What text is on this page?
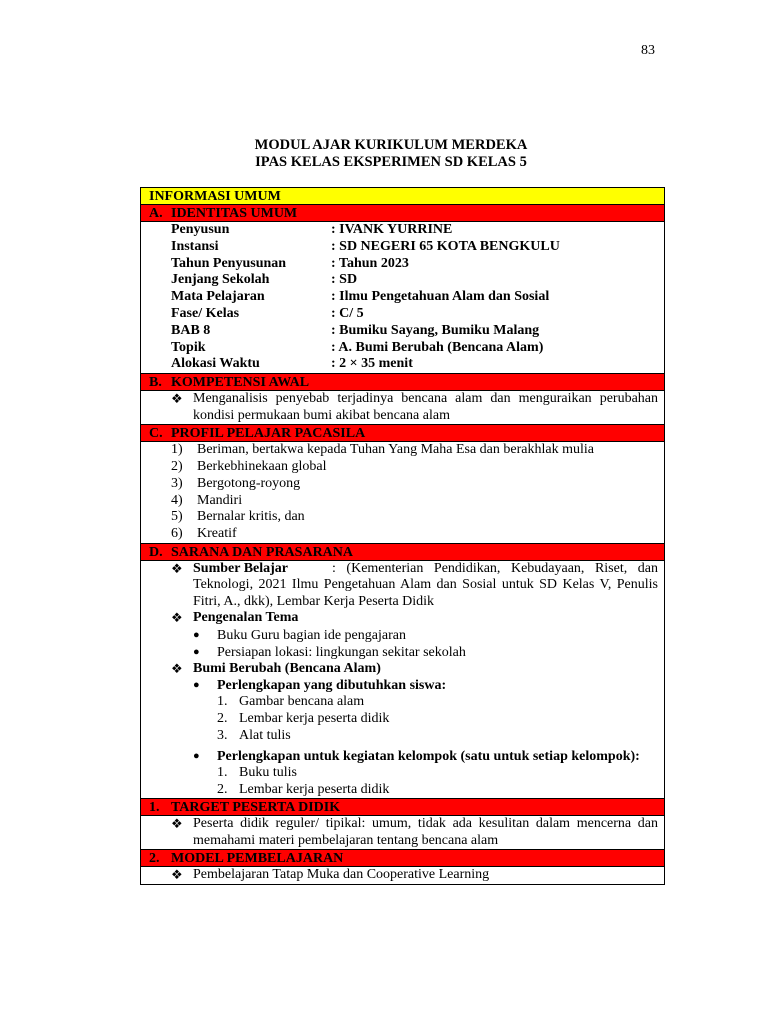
83
MODUL AJAR KURIKULUM MERDEKA
IPAS KELAS EKSPERIMEN SD KELAS 5
INFORMASI UMUM
A. IDENTITAS UMUM
Penyusun	: IVANK YURRINE
Instansi	: SD NEGERI 65 KOTA BENGKULU
Tahun Penyusunan	: Tahun 2023
Jenjang Sekolah	: SD
Mata Pelajaran	: Ilmu Pengetahuan Alam dan Sosial
Fase/ Kelas	: C/ 5
BAB 8	: Bumiku Sayang, Bumiku Malang
Topik	: A. Bumi Berubah (Bencana Alam)
Alokasi Waktu	: 2 × 35 menit
B. KOMPETENSI AWAL
❖ Menganalisis penyebab terjadinya bencana alam dan menguraikan perubahan kondisi permukaan bumi akibat bencana alam
C. PROFIL PELAJAR PACASILA
1)	Beriman, bertakwa kepada Tuhan Yang Maha Esa dan berakhlak mulia
2)	Berkebhinekaan global
3)	Bergotong-royong
4)	Mandiri
5)	Bernalar kritis, dan
6)	Kreatif
D. SARANA DAN PRASARANA
❖ Sumber Belajar	: (Kementerian Pendidikan, Kebudayaan, Riset, dan Teknologi, 2021 Ilmu Pengetahuan Alam dan Sosial untuk SD Kelas V, Penulis Fitri, A., dkk), Lembar Kerja Peserta Didik
❖ Pengenalan Tema
●	Buku Guru bagian ide pengajaran
●	Persiapan lokasi: lingkungan sekitar sekolah
❖ Bumi Berubah (Bencana Alam)
●	Perlengkapan yang dibutuhkan siswa:
1. Gambar bencana alam
2. Lembar kerja peserta didik
3. Alat tulis
●	Perlengkapan untuk kegiatan kelompok (satu untuk setiap kelompok):
1. Buku tulis
2. Lembar kerja peserta didik
1. TARGET PESERTA DIDIK
❖ Peserta didik reguler/ tipikal: umum, tidak ada kesulitan dalam mencerna dan memahami materi pembelajaran tentang bencana alam
2. MODEL PEMBELAJARAN
❖ Pembelajaran Tatap Muka dan Cooperative Learning
